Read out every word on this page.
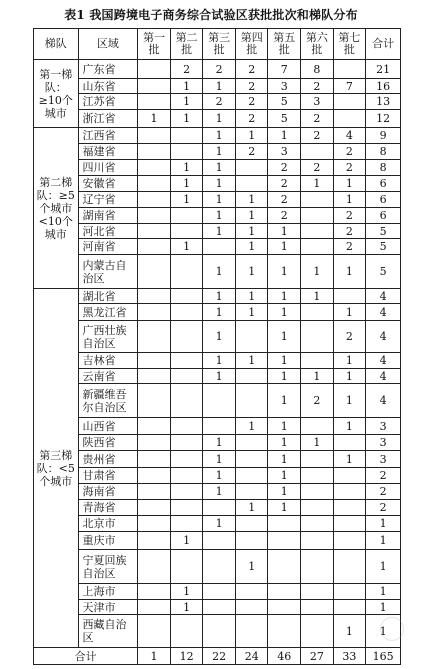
表1 我国跨境电子商务综合试验区获批批次和梯队分布
梯队	区域	第一批	第二批	第三批	第四批	第五批	第六批	第七批	合计
第一梯队：≥10个城市	广东省		2	2	2	7	8		21
	山东省		1	1	2	3	2	7	16
	江苏省		1	2	2	5	3		13
	浙江省	1	1	1	2	5	2		12
第二梯队：≥5个城市<10个城市	江西省			1	1	1	2	4	9
	福建省			1	2	3		2	8
	四川省		1	1		2	2	2	8
	安徽省		1	1		2	1	1	6
	辽宁省		1	1	1	2		1	6
	湖南省			1	1	2		2	6
	河北省			1	1	1		2	5
	河南省		1		1	1		2	5
	内蒙古自治区			1	1	1	1	1	5
第三梯队：<5个城市	湖北省			1	1	1	1		4
	黑龙江省			1	1	1		1	4
	广西壮族自治区			1		1		2	4
	吉林省			1	1	1		1	4
	云南省			1		1	1	1	4
	新疆维吾尔自治区					1	2	1	4
	山西省				1	1		1	3
	陕西省			1		1	1		3
	贵州省			1		1		1	3
	甘肃省			1		1			2
	海南省			1		1			2
	青海省				1	1			2
	北京市			1					1
	重庆市		1						1
	宁夏回族自治区				1				1
	上海市		1						1
	天津市		1						1
	西藏自治区							1	1
合计		1	12	22	24	46	27	33	165
